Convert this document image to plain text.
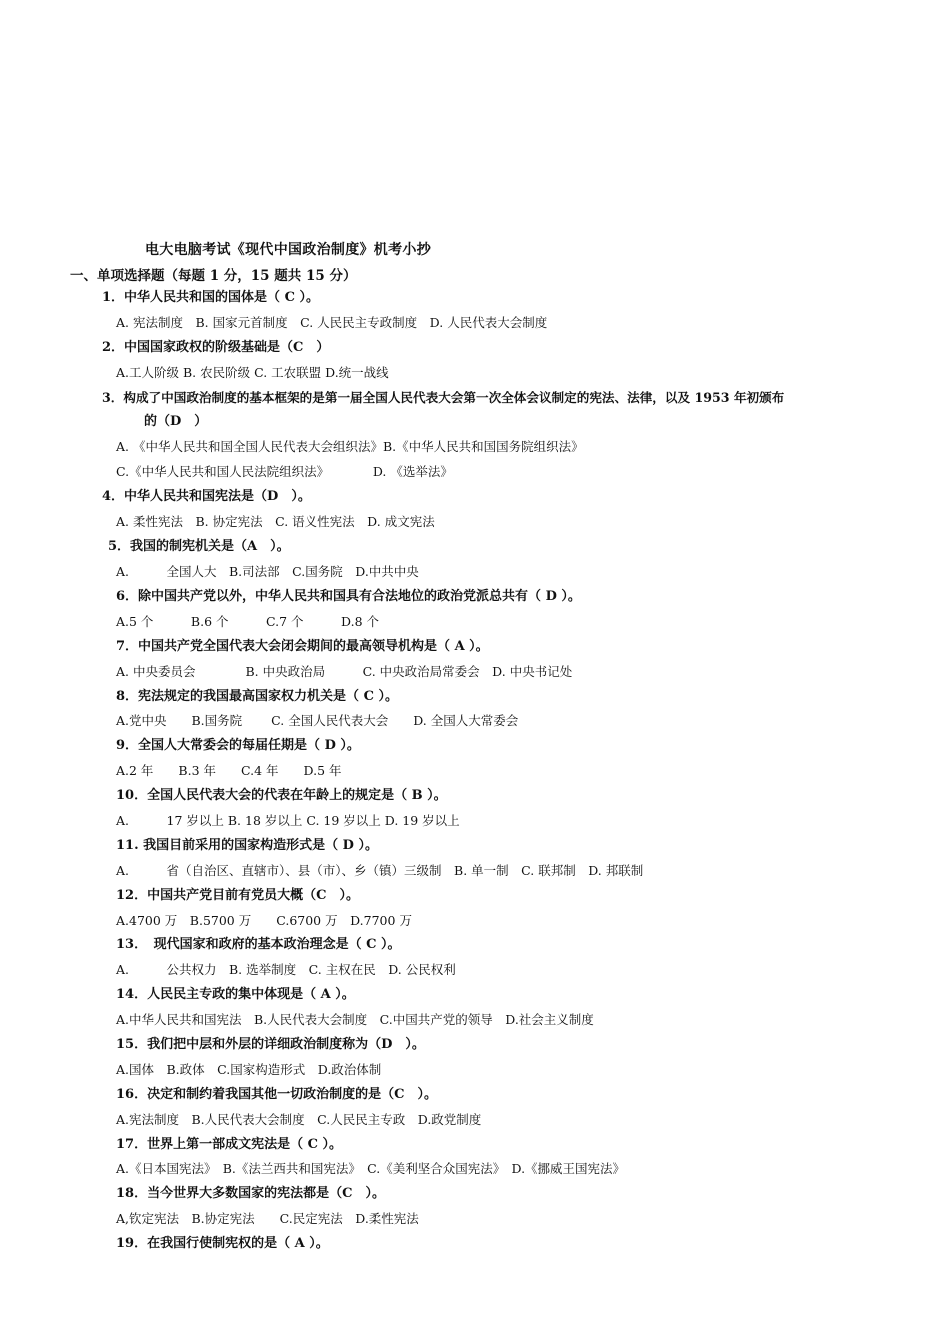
电大电脑考试《现代中国政治制度》机考小抄
一、单项选择题（每题 1 分，15 题共 15 分）
1．中华人民共和国的国体是（ C ）。
A. 宪法制度　B. 国家元首制度　C. 人民民主专政制度　D. 人民代表大会制度
2．中国国家政权的阶级基础是（C　）
A.工人阶级 B. 农民阶级 C. 工农联盟 D.统一战线
3．构成了中国政治制度的基本框架的是第一届全国人民代表大会第一次全体会议制定的宪法、法律，以及 1953 年初颁布
的（D　）
A. 《中华人民共和国全国人民代表大会组织法》B.《中华人民共和国国务院组织法》
C.《中华人民共和国人民法院组织法》　　　　D. 《选举法》
4．中华人民共和国宪法是（D　）。
A. 柔性宪法　B. 协定宪法　C. 语义性宪法　D. 成文宪法
5．我国的制宪机关是（A　）。
A.　　　全国人大　B.司法部　C.国务院　D.中共中央
6．除中国共产党以外，中华人民共和国具有合法地位的政治党派总共有（ D ）。
A.5 个　　　B.6 个　　　C.7 个　　　D.8 个
7．中国共产党全国代表大会闭会期间的最高领导机构是（ A ）。
A. 中央委员会　　　　B. 中央政治局　　　C. 中央政治局常委会　D. 中央书记处
8．宪法规定的我国最高国家权力机关是（ C ）。
A.党中央　　B.国务院　　 C. 全国人民代表大会　　D. 全国人大常委会
9．全国人大常委会的每届任期是（ D ）。
A.2 年　　B.3 年　　C.4 年　　D.5 年
10．全国人民代表大会的代表在年龄上的规定是（ B ）。
A.　　　17 岁以上 B. 18 岁以上 C. 19 岁以上 D. 19 岁以上
11. 我国目前采用的国家构造形式是（ D ）。
A.　　　省（自治区、直辖市）、县（市）、乡（镇）三级制　B. 单一制　C. 联邦制　D. 邦联制
12．中国共产党目前有党员大概（C　）。
A.4700 万　B.5700 万　　C.6700 万　D.7700 万
13．　现代国家和政府的基本政治理念是（ C ）。
A.　　　公共权力　B. 选举制度　C. 主权在民　D. 公民权利
14．人民民主专政的集中体现是（ A ）。
A.中华人民共和国宪法　B.人民代表大会制度　C.中国共产党的领导　D.社会主义制度
15．我们把中层和外层的详细政治制度称为（D　）。
A.国体　B.政体　C.国家构造形式　D.政治体制
16．决定和制约着我国其他一切政治制度的是（C　）。
A.宪法制度　B.人民代表大会制度　C.人民民主专政　D.政党制度
17．世界上第一部成文宪法是（ C ）。
A.《日本国宪法》　B.《法兰西共和国宪法》　C.《美利坚合众国宪法》　D.《挪威王国宪法》
18．当今世界大多数国家的宪法都是（C　）。
A,钦定宪法　B.协定宪法　　C.民定宪法　D.柔性宪法
19．在我国行使制宪权的是（ A ）。
